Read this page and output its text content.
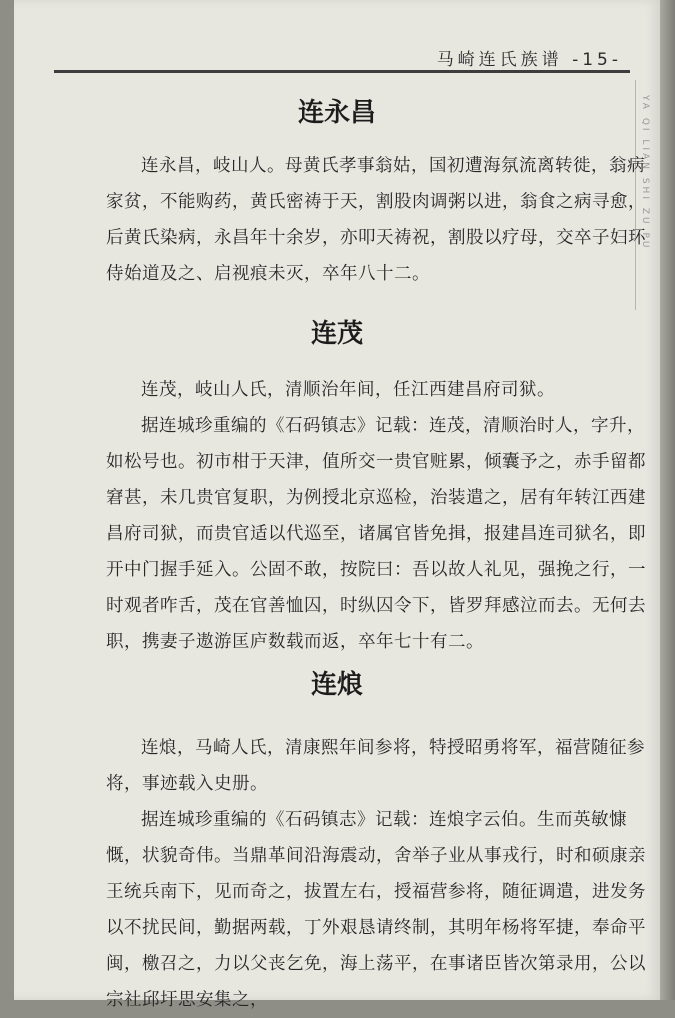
马崎连氏族谱 -15-
YA QI LIAN SHI ZU PU
连永昌
连永昌，岐山人。母黄氏孝事翁姑，国初遭海氛流离转徙，翁病家贫，不能购药，黄氏密祷于天，割股肉调粥以进，翁食之病寻愈，后黄氏染病，永昌年十余岁，亦叩天祷祝，割股以疗母，交卒子妇环侍始道及之、启视痕未灭，卒年八十二。
连茂
连茂，岐山人氏，清顺治年间，任江西建昌府司狱。
据连城珍重编的《石码镇志》记载：连茂，清顺治时人，字升，如松号也。初市柑于天津，值所交一贵官赃累，倾囊予之，赤手留都窘甚，未几贵官复职，为例授北京巡检，治装遣之，居有年转江西建昌府司狱，而贵官适以代巡至，诸属官皆免揖，报建昌连司狱名，即开中门握手延入。公固不敢，按院曰：吾以故人礼见，强挽之行，一时观者咋舌，茂在官善恤囚，时纵囚令下，皆罗拜感泣而去。无何去职，携妻子遨游匡庐数载而返，卒年七十有二。
连烺
连烺，马崎人氏，清康熙年间参将，特授昭勇将军，福营随征参将，事迹载入史册。
据连城珍重编的《石码镇志》记载：连烺字云伯。生而英敏慷慨，状貌奇伟。当鼎革间沿海震动，舍举子业从事戎行，时和硕康亲王统兵南下，见而奇之，拔置左右，授福营参将，随征调遣，进发务以不扰民间，勤据两载，丁外艰恳请终制，其明年杨将军捷，奉命平闽，檄召之，力以父丧乞免，海上荡平，在事诸臣皆次第录用，公以宗社邱圩思安集之，
